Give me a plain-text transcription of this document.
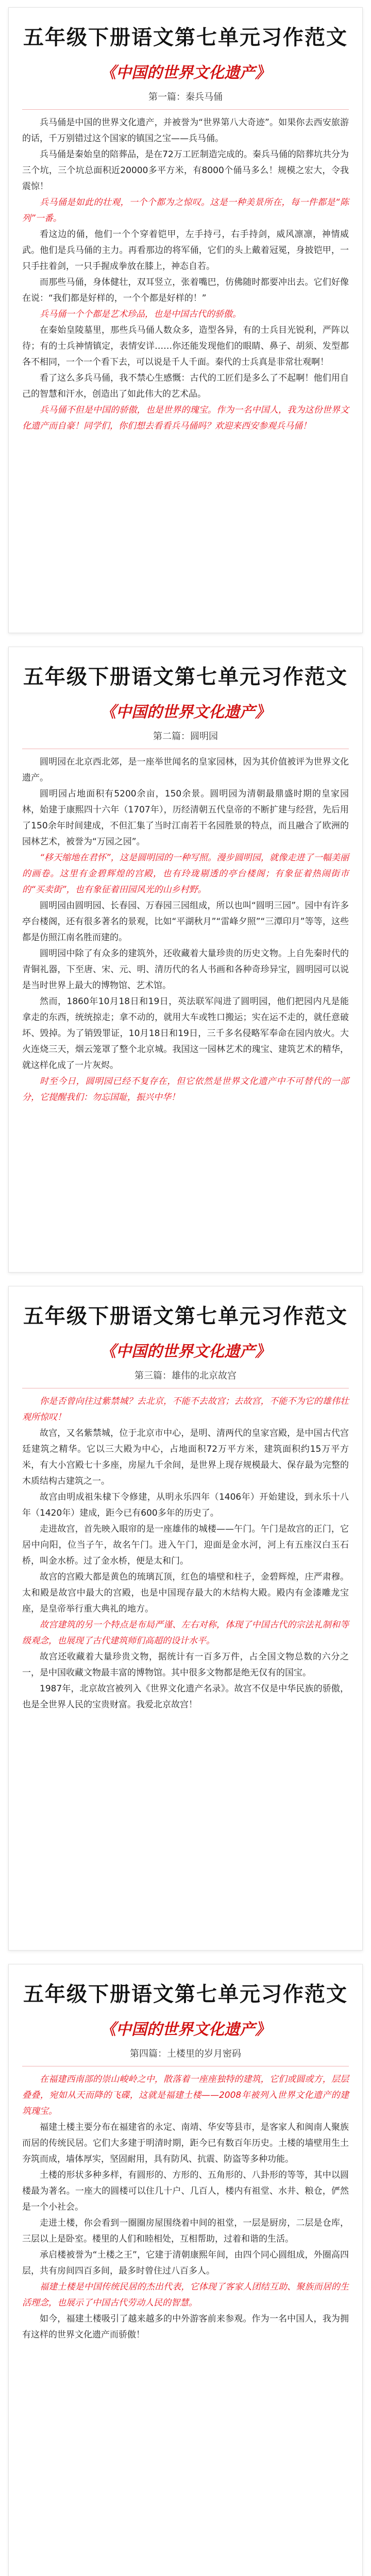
五年级下册语文第七单元习作范文
《中国的世界文化遗产》
第一篇：秦兵马俑

兵马俑是中国的世界文化遗产，并被誉为“世界第八大奇迹”。如果你去西安旅游的话，千万别错过这个国家的镇国之宝——兵马俑。

兵马俑是秦始皇的陪葬品，是在72万工匠制造完成的。秦兵马俑的陪葬坑共分为三个坑，三个坑总面积近20000多平方米，有8000个俑马多么！规模之宏大，令我震惊！

兵马俑是如此的壮观，一个个都为之惊叹。这是一种美景所在，每一件都是“陈列”一番。

看这边的俑，他们一个个穿着铠甲，左手持弓，右手持剑，威风凛凛，神情威武。他们是兵马俑的主力。再看那边的将军俑，它们的头上戴着冠冕，身披铠甲，一只手拄着剑，一只手握成拳放在膝上，神态自若。

而那些马俑，身体健壮，双耳竖立，张着嘴巴，仿佛随时都要冲出去。它们好像在说：“我们都是好样的，一个个都是好样的！”

兵马俑一个个都是艺术珍品，也是中国古代的骄傲。

在秦始皇陵墓里，那些兵马俑人数众多，造型各异，有的士兵目光锐利，严阵以待；有的士兵神情镇定，表情安详……你还能发现他们的眼睛、鼻子、胡须、发型都各不相同，一个一个看下去，可以说是千人千面。秦代的士兵真是非常壮观啊！

看了这么多兵马俑，我不禁心生感慨：古代的工匠们是多么了不起啊！他们用自己的智慧和汗水，创造出了如此伟大的艺术品。

兵马俑不但是中国的骄傲，也是世界的瑰宝。作为一名中国人，我为这份世界文化遗产而自豪！同学们，你们想去看看兵马俑吗？欢迎来西安参观兵马俑！

五年级下册语文第七单元习作范文
《中国的世界文化遗产》
第二篇：圆明园

圆明园在北京西北郊，是一座举世闻名的皇家园林，因为其价值被评为世界文化遗产。

圆明园占地面积有5200余亩，150余景。圆明园为清朝最鼎盛时期的皇家园林，始建于康熙四十六年（1707年），历经清朝五代皇帝的不断扩建与经营，先后用了150余年时间建成，不但汇集了当时江南若干名园胜景的特点，而且融合了欧洲的园林艺术，被誉为“万园之园”。

“移天缩地在君怀”，这是圆明园的一种写照。漫步圆明园，就像走进了一幅美丽的画卷。这里有金碧辉煌的宫殿，也有玲珑剔透的亭台楼阁；有象征着热闹街市的“买卖街”，也有象征着田园风光的山乡村野。

圆明园由圆明园、长春园、万春园三园组成，所以也叫“圆明三园”。园中有许多亭台楼阁，还有很多著名的景观，比如“平湖秋月”“雷峰夕照”“三潭印月”等等，这些都是仿照江南名胜而建的。

圆明园中除了有众多的建筑外，还收藏着大量珍贵的历史文物。上自先秦时代的青铜礼器，下至唐、宋、元、明、清历代的名人书画和各种奇珍异宝，圆明园可以说是当时世界上最大的博物馆、艺术馆。

然而，1860年10月18日和19日，英法联军闯进了圆明园，他们把园内凡是能拿走的东西，统统掠走；拿不动的，就用大车或牲口搬运；实在运不走的，就任意破坏、毁掉。为了销毁罪证，10月18日和19日，三千多名侵略军奉命在园内放火。大火连烧三天，烟云笼罩了整个北京城。我国这一园林艺术的瑰宝、建筑艺术的精华，就这样化成了一片灰烬。

时至今日，圆明园已经不复存在，但它依然是世界文化遗产中不可替代的一部分，它提醒我们：勿忘国耻，振兴中华！

五年级下册语文第七单元习作范文
《中国的世界文化遗产》
第三篇：雄伟的北京故宫

你是否曾向往过紫禁城？去北京，不能不去故宫；去故宫，不能不为它的雄伟壮观所惊叹！

故宫，又名紫禁城，位于北京市中心，是明、清两代的皇家宫殿，是中国古代宫廷建筑之精华。它以三大殿为中心，占地面积72万平方米，建筑面积约15万平方米，有大小宫殿七十多座，房屋九千余间，是世界上现存规模最大、保存最为完整的木质结构古建筑之一。

故宫由明成祖朱棣下令修建，从明永乐四年（1406年）开始建设，到永乐十八年（1420年）建成，距今已有600多年的历史了。

走进故宫，首先映入眼帘的是一座雄伟的城楼——午门。午门是故宫的正门，它居中向阳，位当子午，故名午门。进入午门，迎面是金水河，河上有五座汉白玉石桥，叫金水桥。过了金水桥，便是太和门。

故宫的宫殿大都是黄色的琉璃瓦顶，红色的墙壁和柱子，金碧辉煌，庄严肃穆。太和殿是故宫中最大的宫殿，也是中国现存最大的木结构大殿。殿内有金漆雕龙宝座，是皇帝举行重大典礼的地方。

故宫建筑的另一个特点是布局严谨、左右对称，体现了中国古代的宗法礼制和等级观念，也展现了古代建筑师们高超的设计水平。

故宫还收藏着大量珍贵文物，据统计有一百多万件，占全国文物总数的六分之一，是中国收藏文物最丰富的博物馆。其中很多文物都是绝无仅有的国宝。

1987年，北京故宫被列入《世界文化遗产名录》。故宫不仅是中华民族的骄傲，也是全世界人民的宝贵财富。我爱北京故宫！

五年级下册语文第七单元习作范文
《中国的世界文化遗产》
第四篇：土楼里的岁月密码

在福建西南部的崇山峻岭之中，散落着一座座独特的建筑，它们或圆或方，层层叠叠，宛如从天而降的飞碟，这就是福建土楼——2008年被列入世界文化遗产的建筑瑰宝。

福建土楼主要分布在福建省的永定、南靖、华安等县市，是客家人和闽南人聚族而居的传统民居。它们大多建于明清时期，距今已有数百年历史。土楼的墙壁用生土夯筑而成，墙体厚实，坚固耐用，具有防风、抗震、防盗等多种功能。

土楼的形状多种多样，有圆形的、方形的、五角形的、八卦形的等等，其中以圆楼最为著名。一座大的圆楼可以住几十户、几百人，楼内有祖堂、水井、粮仓，俨然是一个小社会。

走进土楼，你会看到一圈圈房屋围绕着中间的祖堂，一层是厨房，二层是仓库，三层以上是卧室。楼里的人们和睦相处，互相帮助，过着和谐的生活。

承启楼被誉为“土楼之王”，它建于清朝康熙年间，由四个同心圆组成，外圈高四层，共有房间四百多间，最多时曾住过八百多人。

福建土楼是中国传统民居的杰出代表，它体现了客家人团结互助、聚族而居的生活理念，也展示了中国古代劳动人民的智慧。

如今，福建土楼吸引了越来越多的中外游客前来参观。作为一名中国人，我为拥有这样的世界文化遗产而骄傲！
